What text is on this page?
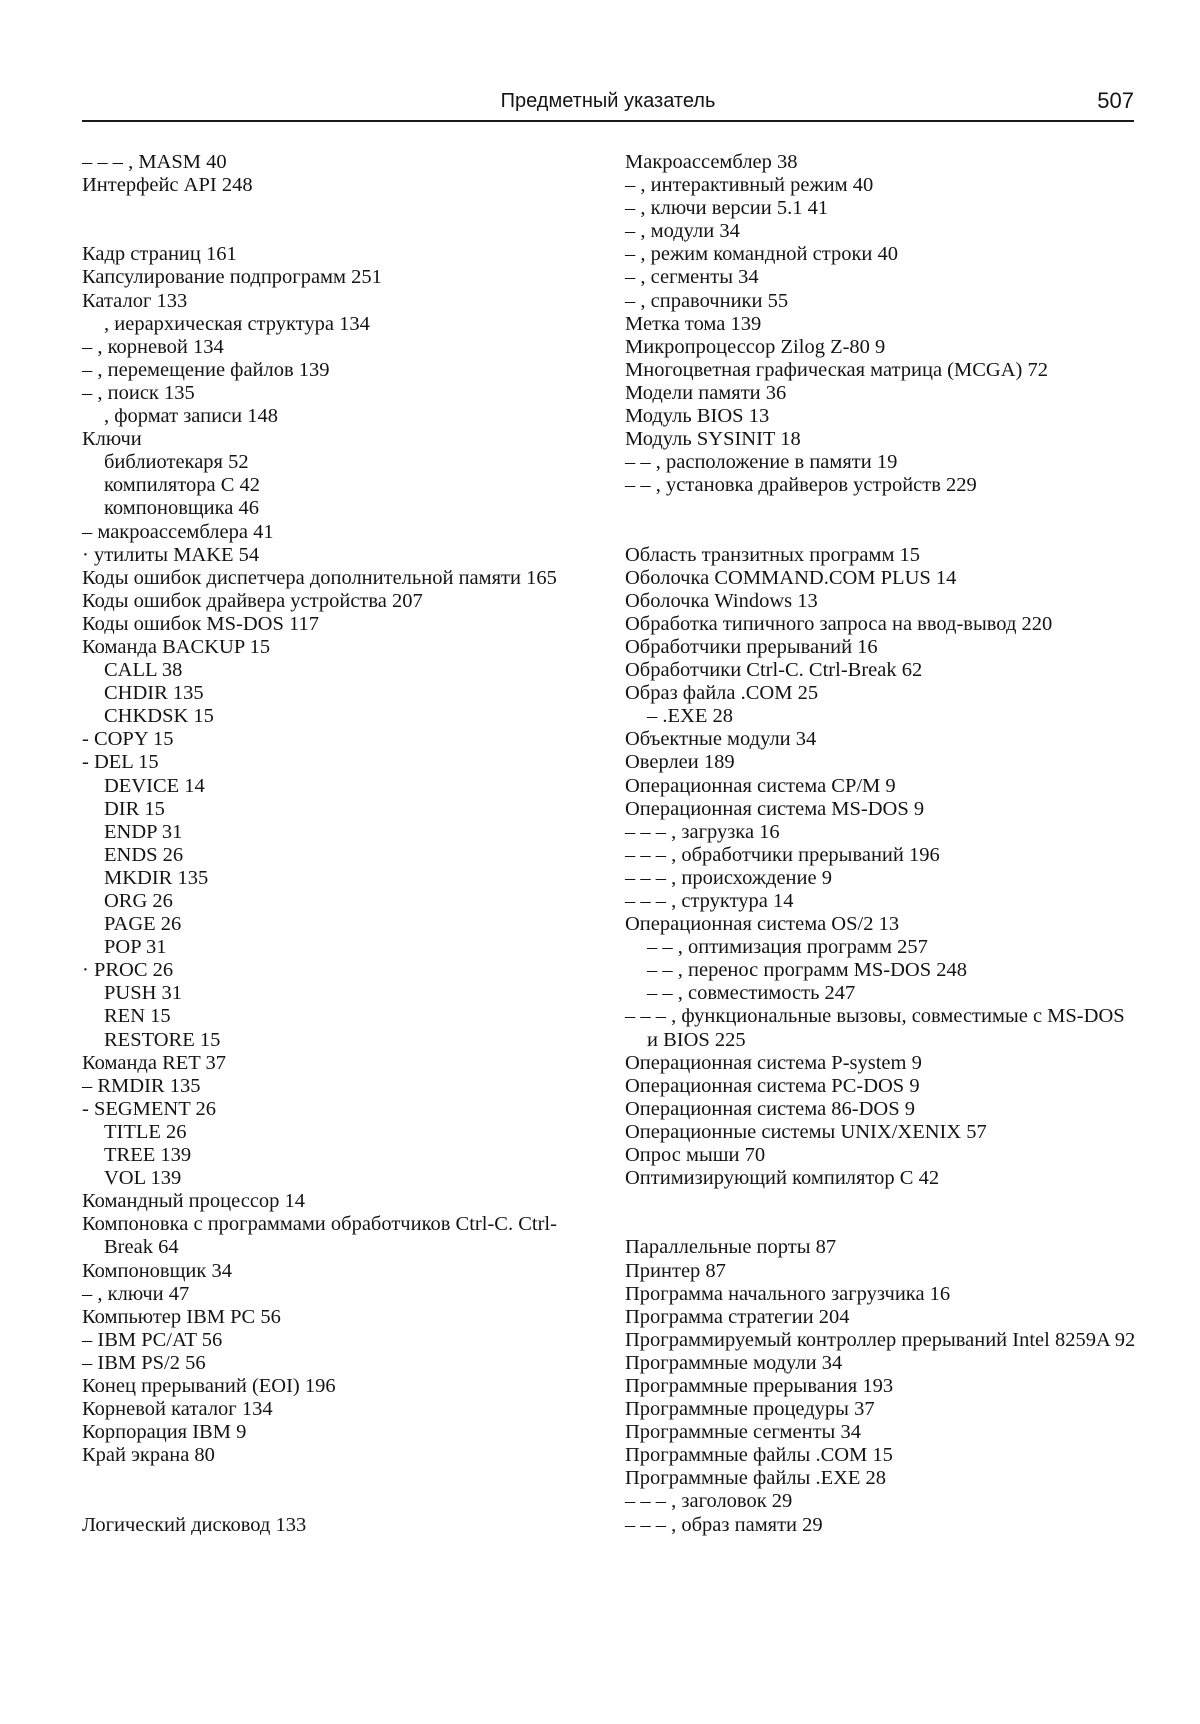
Предметный указатель	507
– – – , MASM 40
Интерфейс API 248
Кадр страниц 161
Капсулирование подпрограмм 251
Каталог 133
, иерархическая структура 134
– , корневой 134
– , перемещение файлов 139
– , поиск 135
, формат записи 148
Ключи
библиотекаря 52
компилятора С 42
компоновщика 46
– макроассемблера 41
· утилиты MAKE 54
Коды ошибок диспетчера дополнительной памяти 165
Коды ошибок драйвера устройства 207
Коды ошибок MS-DOS 117
Команда BACKUP 15
CALL 38
CHDIR 135
CHKDSK 15
- COPY 15
- DEL 15
DEVICE 14
DIR 15
ENDP 31
ENDS 26
MKDIR 135
ORG 26
PAGE 26
POP 31
· PROC 26
PUSH 31
REN 15
RESTORE 15
Команда RET 37
– RMDIR 135
- SEGMENT 26
TITLE 26
TREE 139
VOL 139
Командный процессор 14
Компоновка с программами обработчиков Ctrl-C. Ctrl-Break 64
Компоновщик 34
– , ключи 47
Компьютер IBM PC 56
– IBM PC/AT 56
– IBM PS/2 56
Конец прерываний (EOI) 196
Корневой каталог 134
Корпорация IBM 9
Край экрана 80
Логический дисковод 133
Макроассемблер 38
– , интерактивный режим 40
– , ключи версии 5.1 41
– , модули 34
– , режим командной строки 40
– , сегменты 34
– , справочники 55
Метка тома 139
Микропроцессор Zilog Z-80 9
Многоцветная графическая матрица (MCGA) 72
Модели памяти 36
Модуль BIOS 13
Модуль SYSINIT 18
– – , расположение в памяти 19
– – , установка драйверов устройств 229
Область транзитных программ 15
Оболочка COMMAND.COM PLUS 14
Оболочка Windows 13
Обработка типичного запроса на ввод-вывод 220
Обработчики прерываний 16
Обработчики Ctrl-C. Ctrl-Break 62
Образ файла .COM 25
– .EXE 28
Объектные модули 34
Оверлеи 189
Операционная система CP/M 9
Операционная система MS-DOS 9
– – – , загрузка 16
– – – , обработчики прерываний 196
– – – , происхождение 9
– – – , структура 14
Операционная система OS/2 13
– – , оптимизация программ 257
– – , перенос программ MS-DOS 248
– – , совместимость 247
– – – , функциональные вызовы, совместимые с MS-DOS и BIOS 225
Операционная система P-system 9
Операционная система PC-DOS 9
Операционная система 86-DOS 9
Операционные системы UNIX/XENIX 57
Опрос мыши 70
Оптимизирующий компилятор С 42
Параллельные порты 87
Принтер 87
Программа начального загрузчика 16
Программа стратегии 204
Программируемый контроллер прерываний Intel 8259A 92
Программные модули 34
Программные прерывания 193
Программные процедуры 37
Программные сегменты 34
Программные файлы .COM 15
Программные файлы .EXE 28
– – – , заголовок 29
– – – , образ памяти 29
